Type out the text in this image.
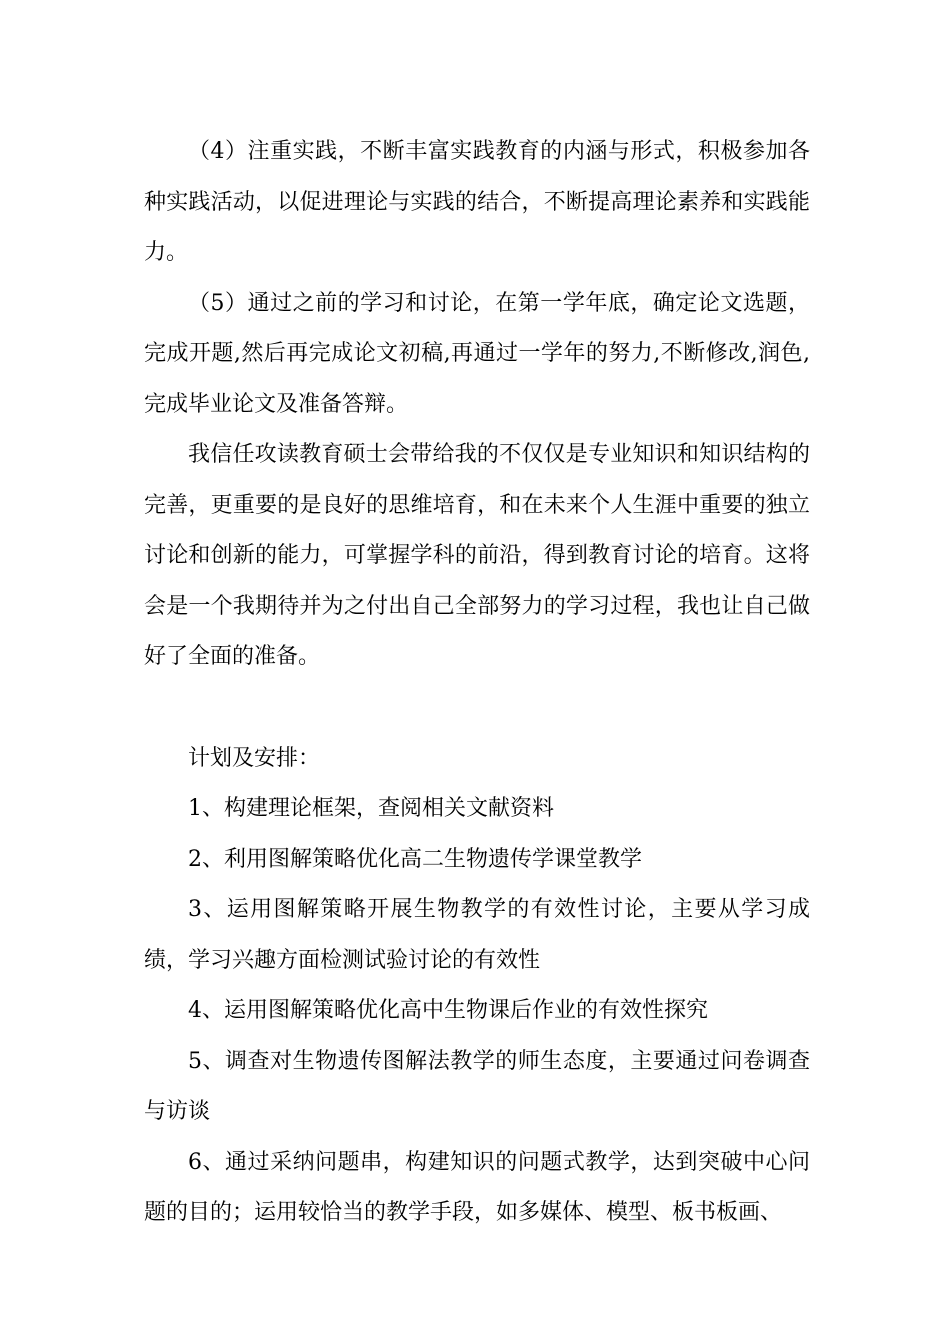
（4）注重实践，不断丰富实践教育的内涵与形式，积极参加各种实践活动，以促进理论与实践的结合，不断提高理论素养和实践能力。

（5）通过之前的学习和讨论，在第一学年底，确定论文选题，完成开题,然后再完成论文初稿,再通过一学年的努力,不断修改,润色,完成毕业论文及准备答辩。

我信任攻读教育硕士会带给我的不仅仅是专业知识和知识结构的完善，更重要的是良好的思维培育，和在未来个人生涯中重要的独立讨论和创新的能力，可掌握学科的前沿，得到教育讨论的培育。这将会是一个我期待并为之付出自己全部努力的学习过程，我也让自己做好了全面的准备。

计划及安排：

1、构建理论框架，查阅相关文献资料

2、利用图解策略优化高二生物遗传学课堂教学

3、运用图解策略开展生物教学的有效性讨论，主要从学习成绩，学习兴趣方面检测试验讨论的有效性

4、运用图解策略优化高中生物课后作业的有效性探究

5、调查对生物遗传图解法教学的师生态度，主要通过问卷调查与访谈

6、通过采纳问题串，构建知识的问题式教学，达到突破中心问题的目的；运用较恰当的教学手段，如多媒体、模型、板书板画、
